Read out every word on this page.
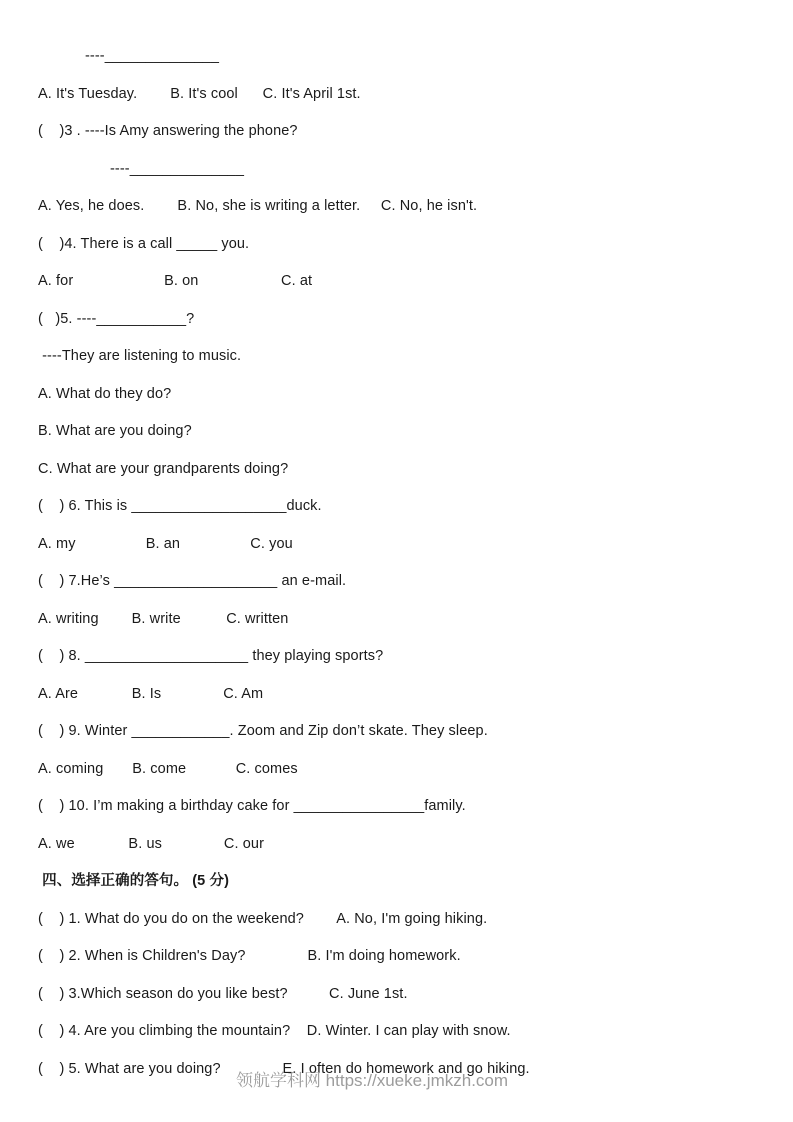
----______________
A. It's Tuesday.        B. It's cool      C. It's April 1st.
(    )3 . ----Is Amy answering the phone?
----______________
A. Yes, he does.        B. No, she is writing a letter.     C. No, he isn't.
(    )4. There is a call _____ you.
A. for                      B. on                    C. at
(   )5. ----___________?
----They are listening to music.
A. What do they do?
B. What are you doing?
C. What are your grandparents doing?
(    ) 6. This is ___________________duck.
A. my                 B. an                 C. you
(    ) 7.He’s ____________________ an e-mail.
A. writing        B. write           C. written
(    ) 8. ____________________ they playing sports?
A. Are             B. Is               C. Am
(    ) 9. Winter ____________. Zoom and Zip don’t skate. They sleep.
A. coming       B. come            C. comes
(    ) 10. I’m making a birthday cake for ________________family.
A. we             B. us               C. our
四、选择正确的答句。 (5 分)
(    ) 1. What do you do on the weekend?        A. No, I'm going hiking.
(    ) 2. When is Children's Day?               B. I'm doing homework.
(    ) 3.Which season do you like best?          C. June 1st.
(    ) 4. Are you climbing the mountain?    D. Winter. I can play with snow.
(    ) 5. What are you doing?               E. I often do homework and go hiking.
领航学科网 https://xueke.jmkzh.com
